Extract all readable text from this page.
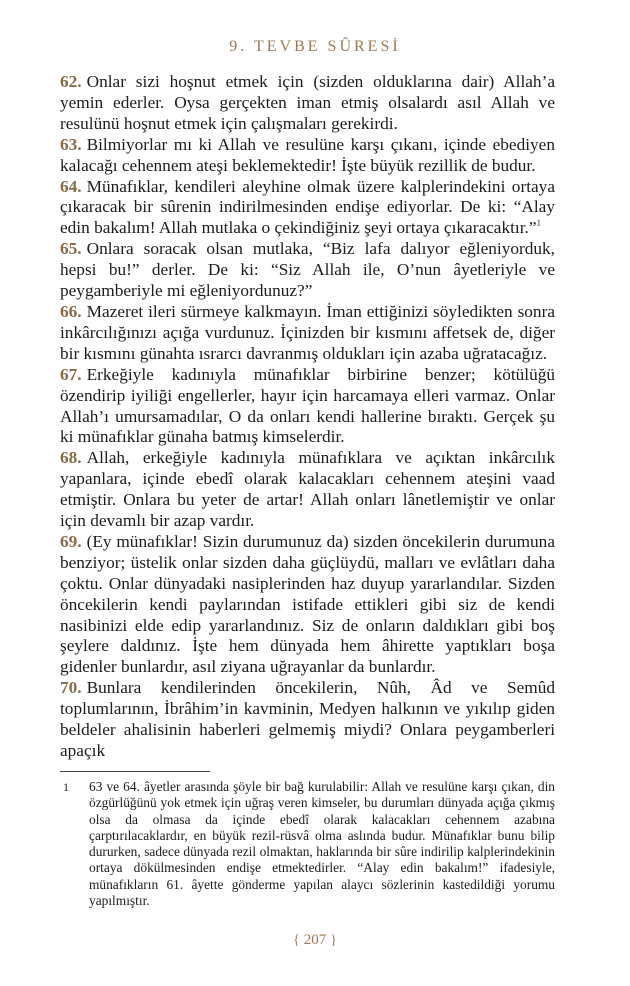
9. TEVBE SÛRESİ

62. Onlar sizi hoşnut etmek için (sizden olduklarına dair) Allah’a yemin ederler. Oysa gerçekten iman etmiş olsalardı asıl Allah ve resulünü hoşnut etmek için çalışmaları gerekirdi.

63. Bilmiyorlar mı ki Allah ve resulüne karşı çıkanı, içinde ebediyen kalacağı cehennem ateşi beklemektedir! İşte büyük rezillik de budur.

64. Münafıklar, kendileri aleyhine olmak üzere kalplerindekini ortaya çıkaracak bir sûrenin indirilmesinden endişe ediyorlar. De ki: “Alay edin bakalım! Allah mutlaka o çekindiğiniz şeyi ortaya çıkaracaktır.”$^1$

65. Onlara soracak olsan mutlaka, “Biz lafa dalıyor eğleniyorduk, hepsi bu!” derler. De ki: “Siz Allah ile, O’nun âyetleriyle ve peygamberiyle mi eğleniyordunuz?”

66. Mazeret ileri sürmeye kalkmayın. İman ettiğinizi söyledikten sonra inkârcılığınızı açığa vurdunuz. İçinizden bir kısmını affetsek de, diğer bir kısmını günahta ısrarcı davranmış oldukları için azaba uğratacağız.

67. Erkeğiyle kadınıyla münafıklar birbirine benzer; kötülüğü özendirip iyiliği engellerler, hayır için harcamaya elleri varmaz. Onlar Allah’ı umursamadılar, O da onları kendi hallerine bıraktı. Gerçek şu ki münafıklar günaha batmış kimselerdir.

68. Allah, erkeğiyle kadınıyla münafıklara ve açıktan inkârcılık yapanlara, içinde ebedî olarak kalacakları cehennem ateşini vaad etmiştir. Onlara bu yeter de artar! Allah onları lânetlemiştir ve onlar için devamlı bir azap vardır.

69. (Ey münafıklar! Sizin durumunuz da) sizden öncekilerin durumuna benziyor; üstelik onlar sizden daha güçlüydü, malları ve evlâtları daha çoktu. Onlar dünyadaki nasiplerinden haz duyup yararlandılar. Sizden öncekilerin kendi paylarından istifade ettikleri gibi siz de kendi nasibinizi elde edip yararlandınız. Siz de onların daldıkları gibi boş şeylere daldınız. İşte hem dünyada hem âhirette yaptıkları boşa gidenler bunlardır, asıl ziyana uğrayanlar da bunlardır.

70. Bunlara kendilerinden öncekilerin, Nûh, Âd ve Semûd toplumlarının, İbrâhim’in kavminin, Medyen halkının ve yıkılıp giden beldeler ahalisinin haberleri gelmemiş miydi? Onlara peygamberleri apaçık

1	63 ve 64. âyetler arasında şöyle bir bağ kurulabilir: Allah ve resulüne karşı çıkan, din özgürlüğünü yok etmek için uğraş veren kimseler, bu durumları dünyada açığa çıkmış olsa da olmasa da içinde ebedî olarak kalacakları cehennem azabına çarptırılacaklardır, en büyük rezil-rüsvâ olma aslında budur. Münafıklar bunu bilip dururken, sadece dünyada rezil olmaktan, haklarında bir sûre indirilip kalplerindekinin ortaya dökülmesinden endişe etmektedirler. “Alay edin bakalım!” ifadesiyle, münafıkların 61. âyette gönderme yapılan alaycı sözlerinin kastedildiği yorumu yapılmıştır.
{ 207 }
